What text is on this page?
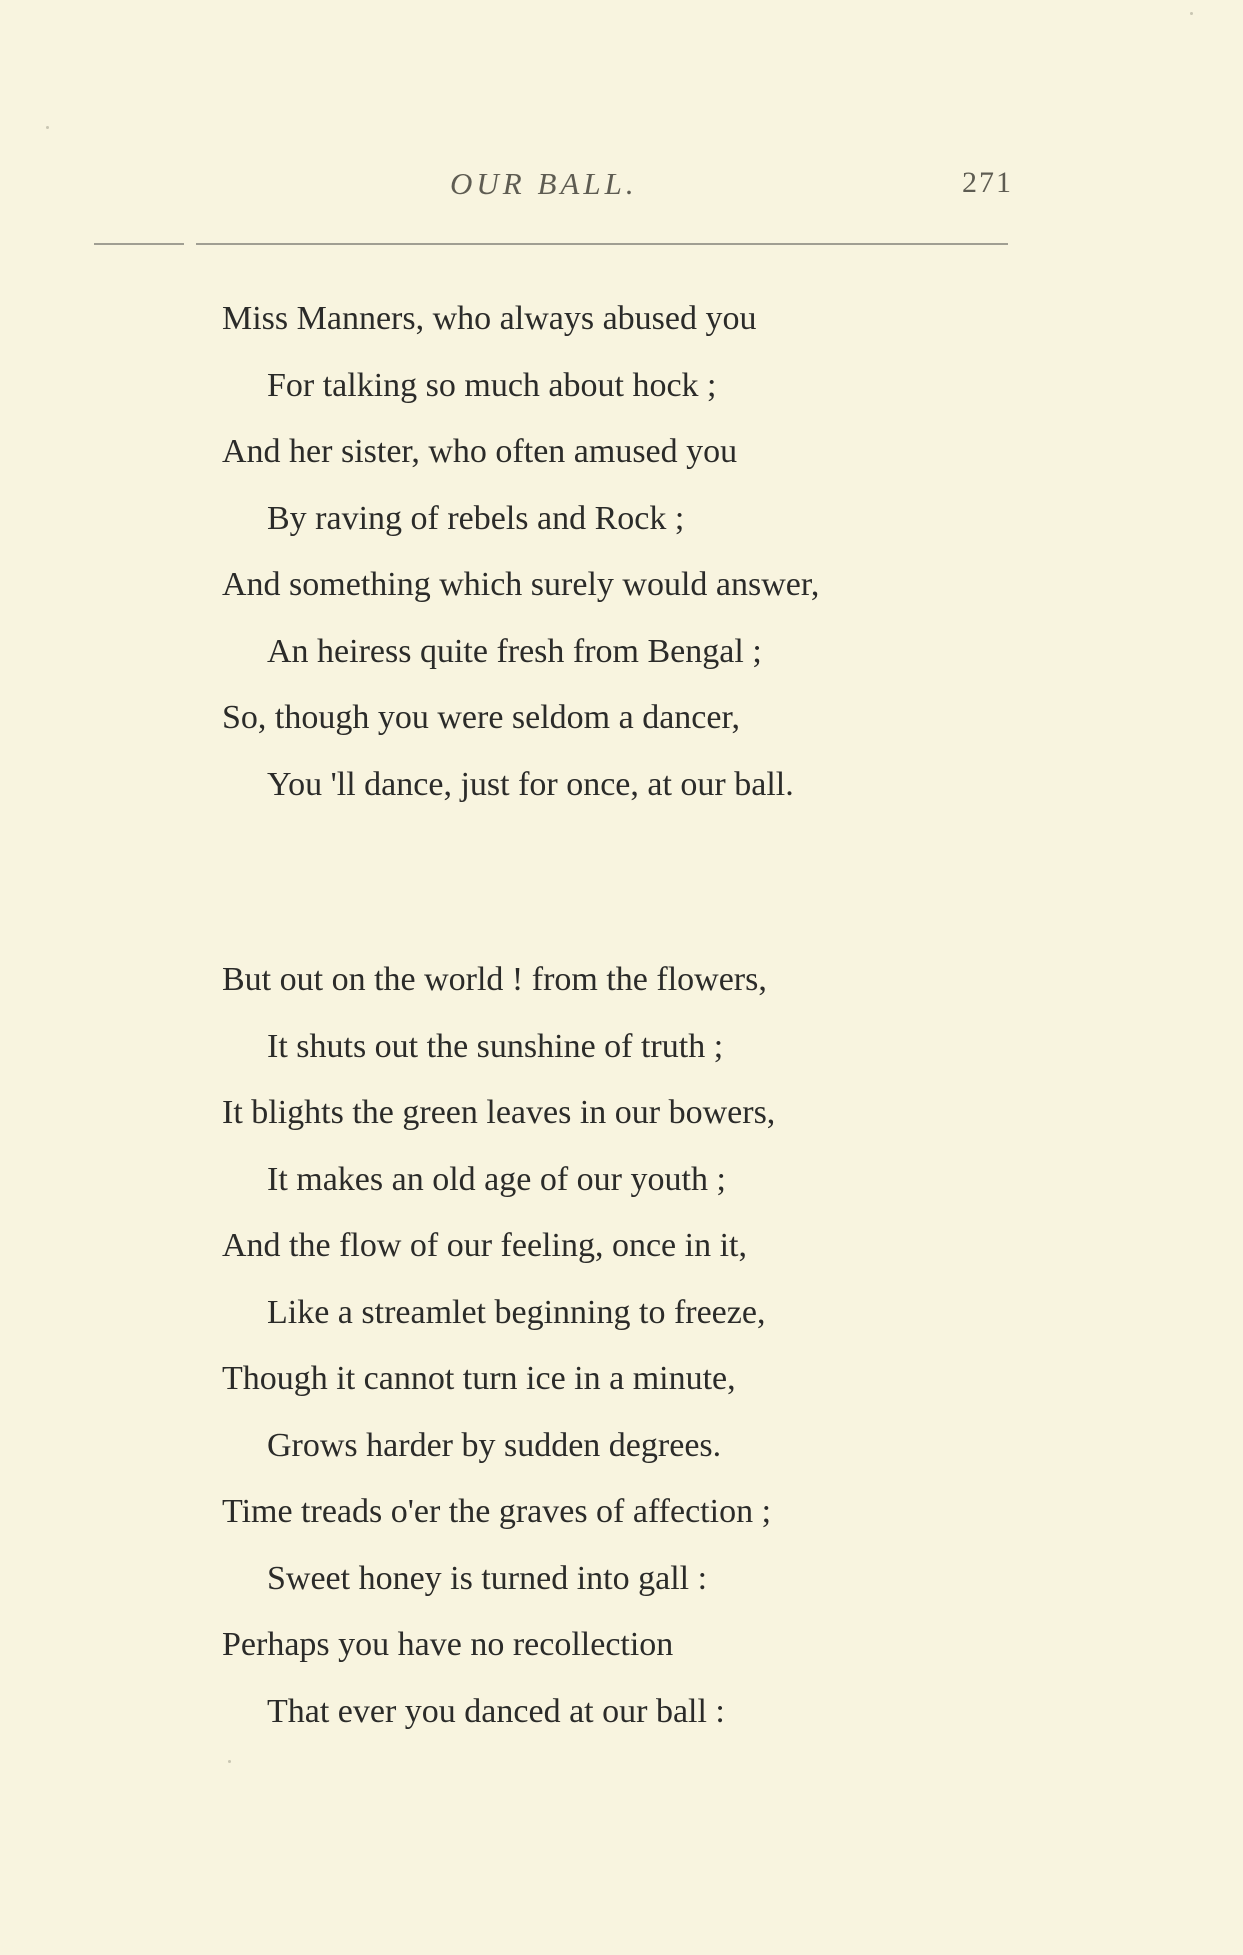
OUR BALL.	271
Miss Manners, who always abused you
For talking so much about hock ;
And her sister, who often amused you
By raving of rebels and Rock ;
And something which surely would answer,
An heiress quite fresh from Bengal ;
So, though you were seldom a dancer,
You 'll dance, just for once, at our ball.
But out on the world ! from the flowers,
It shuts out the sunshine of truth ;
It blights the green leaves in our bowers,
It makes an old age of our youth ;
And the flow of our feeling, once in it,
Like a streamlet beginning to freeze,
Though it cannot turn ice in a minute,
Grows harder by sudden degrees.
Time treads o'er the graves of affection ;
Sweet honey is turned into gall :
Perhaps you have no recollection
That ever you danced at our ball :
